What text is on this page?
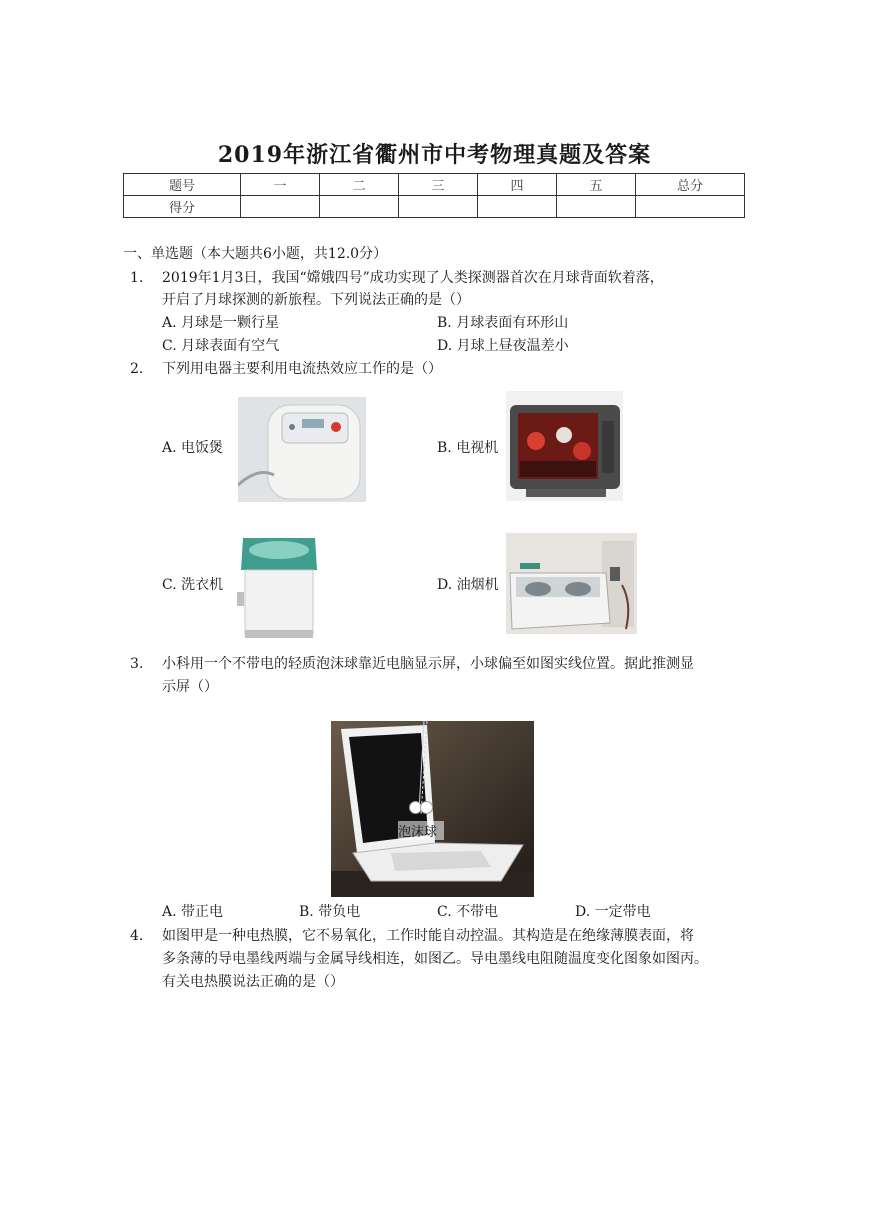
2019年浙江省衢州市中考物理真题及答案
题号	一	二	三	四	五	总分
得分						
一、单选题（本大题共6小题，共12.0分）
1. 2019年1月3日，我国“嫦娥四号”成功实现了人类探测器首次在月球背面软着落，
开启了月球探测的新旅程。下列说法正确的是（）
A. 月球是一颗行星	B. 月球表面有环形山
C. 月球表面有空气	D. 月球上昼夜温差小
2. 下列用电器主要利用电流热效应工作的是（）
A. 电饭煲	B. 电视机
C. 洗衣机	D. 油烟机
3. 小科用一个不带电的轻质泡沫球靠近电脑显示屏，小球偏至如图实线位置。据此推测显
示屏（）
泡沫球
A. 带正电	B. 带负电	C. 不带电	D. 一定带电
4. 如图甲是一种电热膜，它不易氧化，工作时能自动控温。其构造是在绝缘薄膜表面，将
多条薄的导电墨线两端与金属导线相连，如图乙。导电墨线电阻随温度变化图象如图丙。
有关电热膜说法正确的是（）
